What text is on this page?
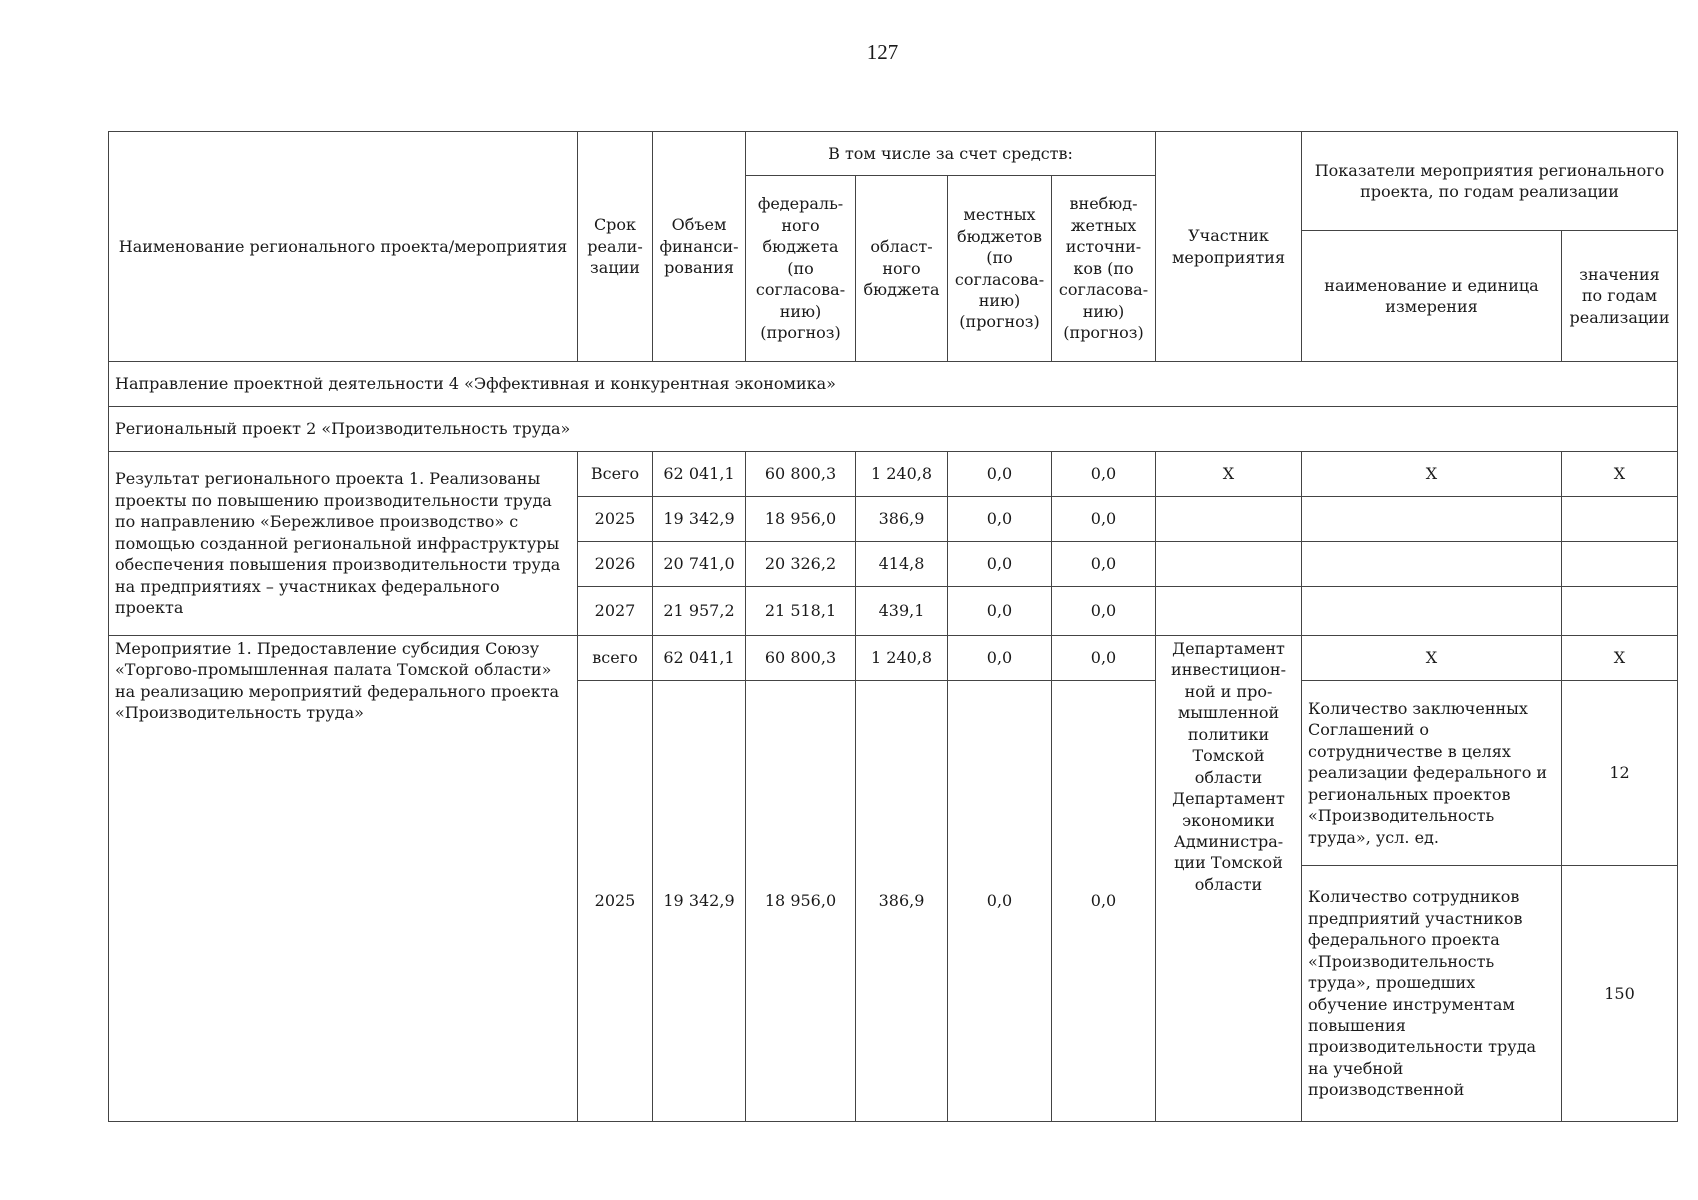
127
Наименование регионального проекта/мероприятия	Срок реали-зации	Объем финанси-рования	В том числе за счет средств:				Участник мероприятия	Показатели мероприятия регионального проекта, по годам реализации	
			федераль-ного бюджета (по согласова-нию) (прогноз)	област-ного бюджета	местных бюджетов (по согласова-нию) (прогноз)	внебюд-жетных источни-ков (по согласова-нию) (прогноз)			
								наименование и единица измерения	значения по годам реализации
Направление проектной деятельности 4 «Эффективная и конкурентная экономика»									
Региональный проект 2 «Производительность труда»									
Результат регионального проекта 1. Реализованы проекты по повышению производительности труда по направлению «Бережливое производство» с помощью созданной региональной инфраструктуры обеспечения повышения производительности труда на предприятиях – участниках федерального проекта	Всего	62 041,1	60 800,3	1 240,8	0,0	0,0	Х	Х	Х
	2025	19 342,9	18 956,0	386,9	0,0	0,0			
	2026	20 741,0	20 326,2	414,8	0,0	0,0			
	2027	21 957,2	21 518,1	439,1	0,0	0,0			
Мероприятие 1. Предоставление субсидия Союзу «Торгово-промышленная палата Томской области» на реализацию мероприятий федерального проекта «Производительность труда»	всего	62 041,1	60 800,3	1 240,8	0,0	0,0	Департамент инвестицион-ной и про-мышленной политики Томской области Департамент экономики Администра-ции Томской области	Х	Х
	2025	19 342,9	18 956,0	386,9	0,0	0,0		Количество заключенных Соглашений о сотрудничестве в целях реализации федерального и региональных проектов «Производительность труда», усл. ед.	12
								Количество сотрудников предприятий участников федерального проекта «Производительность труда», прошедших обучение инструментам повышения производительности труда на учебной производственной	150
